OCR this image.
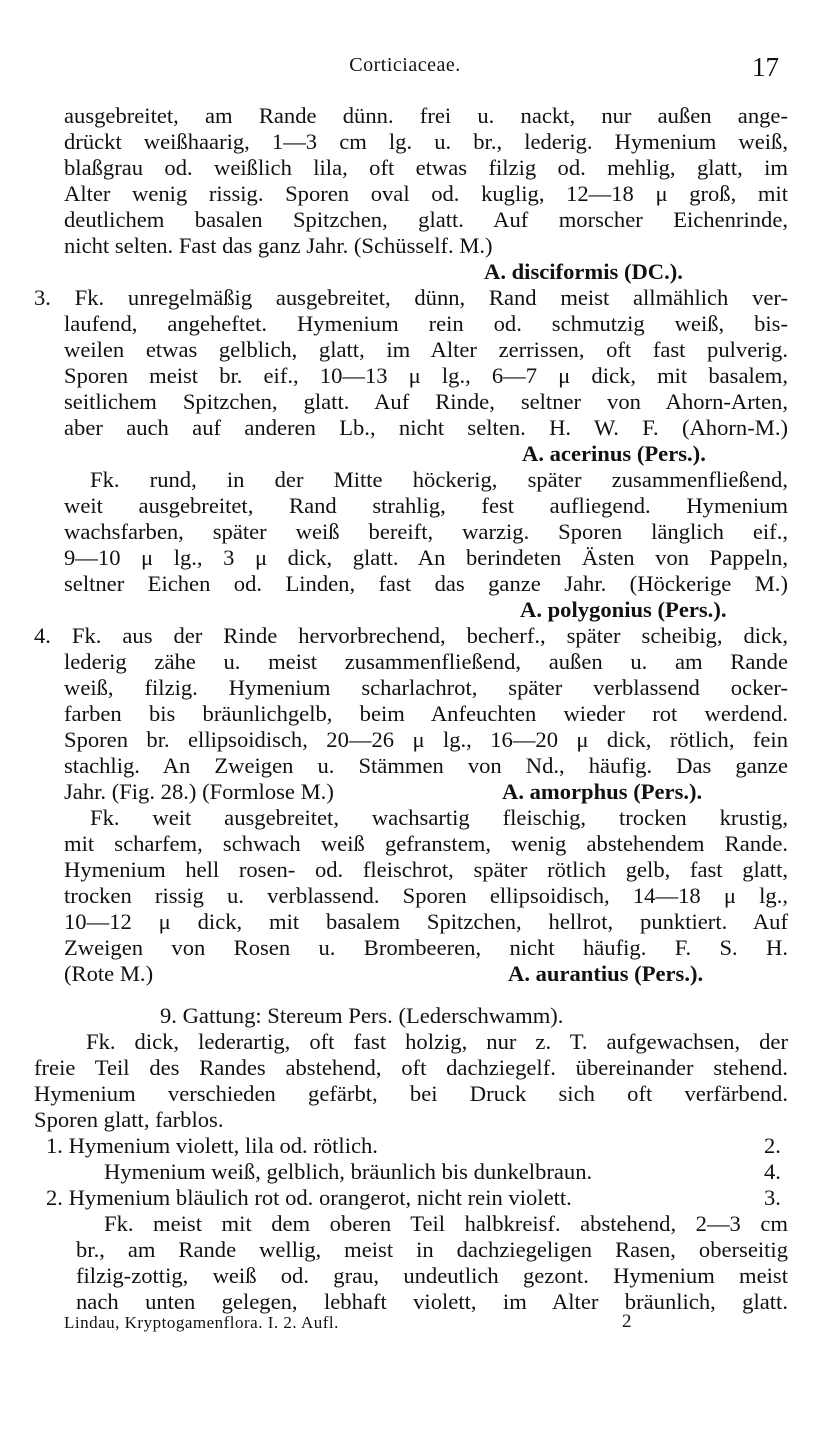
Corticiaceae.	17
ausgebreitet, am Rande dünn. frei u. nackt, nur außen ange-
drückt weißhaarig, 1—3 cm lg. u. br., lederig. Hymenium weiß,
blaßgrau od. weißlich lila, oft etwas filzig od. mehlig, glatt, im
Alter wenig rissig. Sporen oval od. kuglig, 12—18 μ groß, mit
deutlichem basalen Spitzchen, glatt. Auf morscher Eichenrinde,
nicht selten. Fast das ganz Jahr. (Schüsself. M.)
A. disciformis (DC.).
3. Fk. unregelmäßig ausgebreitet, dünn, Rand meist allmählich ver-
laufend, angeheftet. Hymenium rein od. schmutzig weiß, bis-
weilen etwas gelblich, glatt, im Alter zerrissen, oft fast pulverig.
Sporen meist br. eif., 10—13 μ lg., 6—7 μ dick, mit basalem,
seitlichem Spitzchen, glatt. Auf Rinde, seltner von Ahorn-Arten,
aber auch auf anderen Lb., nicht selten. H. W. F. (Ahorn-M.)
A. acerinus (Pers.).
Fk. rund, in der Mitte höckerig, später zusammenfließend,
weit ausgebreitet, Rand strahlig, fest aufliegend. Hymenium
wachsfarben, später weiß bereift, warzig. Sporen länglich eif.,
9—10 μ lg., 3 μ dick, glatt. An berindeten Ästen von Pappeln,
seltner Eichen od. Linden, fast das ganze Jahr. (Höckerige M.)
A. polygonius (Pers.).
4. Fk. aus der Rinde hervorbrechend, becherf., später scheibig, dick,
lederig zähe u. meist zusammenfließend, außen u. am Rande
weiß, filzig. Hymenium scharlachrot, später verblassend ocker-
farben bis bräunlichgelb, beim Anfeuchten wieder rot werdend.
Sporen br. ellipsoidisch, 20—26 μ lg., 16—20 μ dick, rötlich, fein
stachlig. An Zweigen u. Stämmen von Nd., häufig. Das ganze
Jahr. (Fig. 28.) (Formlose M.)	A. amorphus (Pers.).
Fk. weit ausgebreitet, wachsartig fleischig, trocken krustig,
mit scharfem, schwach weiß gefranstem, wenig abstehendem Rande.
Hymenium hell rosen- od. fleischrot, später rötlich gelb, fast glatt,
trocken rissig u. verblassend. Sporen ellipsoidisch, 14—18 μ lg.,
10—12 μ dick, mit basalem Spitzchen, hellrot, punktiert. Auf
Zweigen von Rosen u. Brombeeren, nicht häufig. F. S. H.
(Rote M.)	A. aurantius (Pers.).
9. Gattung: Stereum Pers. (Lederschwamm).
Fk. dick, lederartig, oft fast holzig, nur z. T. aufgewachsen, der
freie Teil des Randes abstehend, oft dachziegelf. übereinander stehend.
Hymenium verschieden gefärbt, bei Druck sich oft verfärbend.
Sporen glatt, farblos.
1. Hymenium violett, lila od. rötlich.	2.
Hymenium weiß, gelblich, bräunlich bis dunkelbraun.	4.
2. Hymenium bläulich rot od. orangerot, nicht rein violett.	3.
Fk. meist mit dem oberen Teil halbkreisf. abstehend, 2—3 cm
br., am Rande wellig, meist in dachziegeligen Rasen, oberseitig
filzig-zottig, weiß od. grau, undeutlich gezont. Hymenium meist
nach unten gelegen, lebhaft violett, im Alter bräunlich, glatt.
Lindau, Kryptogamenflora. I. 2. Aufl.	2
